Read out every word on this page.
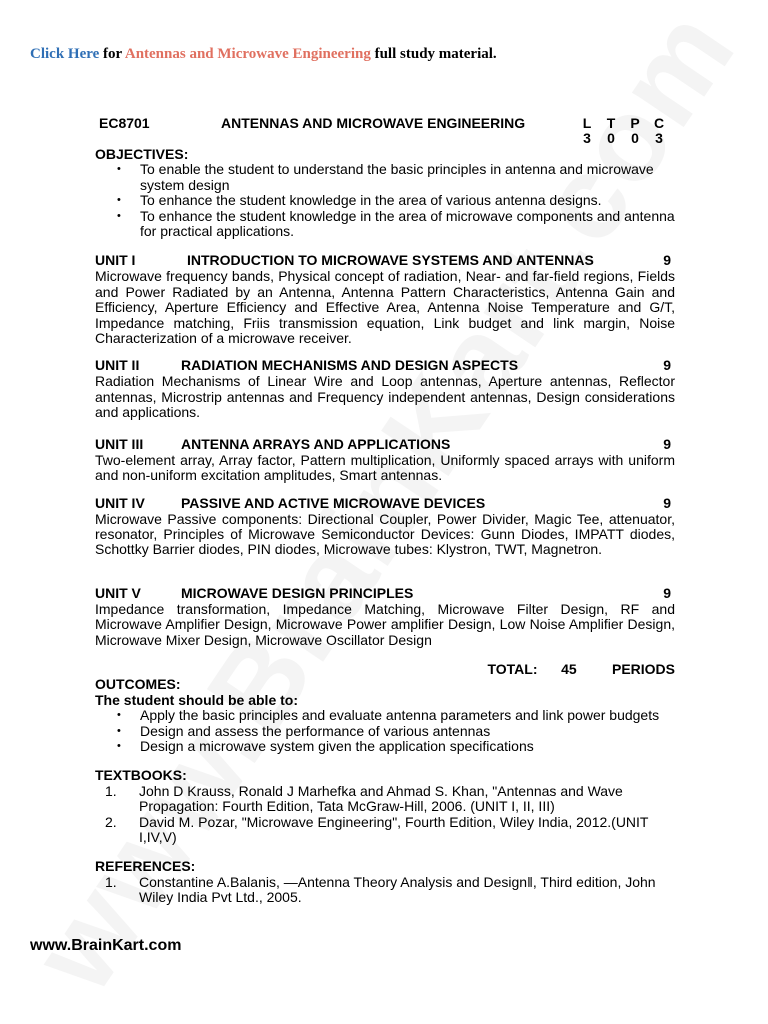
Click Here for Antennas and Microwave Engineering full study material.
EC8701	ANTENNAS AND MICROWAVE ENGINEERING	L	T	P	C
3	0	0	3
OBJECTIVES:
• To enable the student to understand the basic principles in antenna and microwave system design
• To enhance the student knowledge in the area of various antenna designs.
• To enhance the student knowledge in the area of microwave components and antenna for practical applications.
UNIT I	INTRODUCTION TO MICROWAVE SYSTEMS AND ANTENNAS	9
Microwave frequency bands, Physical concept of radiation, Near- and far-field regions, Fields and Power Radiated by an Antenna, Antenna Pattern Characteristics, Antenna Gain and Efficiency, Aperture Efficiency and Effective Area, Antenna Noise Temperature and G/T, Impedance matching, Friis transmission equation, Link budget and link margin, Noise Characterization of a microwave receiver.
UNIT II	RADIATION MECHANISMS AND DESIGN ASPECTS	9
Radiation Mechanisms of Linear Wire and Loop antennas, Aperture antennas, Reflector antennas, Microstrip antennas and Frequency independent antennas, Design considerations and applications.
UNIT III	ANTENNA ARRAYS AND APPLICATIONS	9
Two-element array, Array factor, Pattern multiplication, Uniformly spaced arrays with uniform and non-uniform excitation amplitudes, Smart antennas.
UNIT IV	PASSIVE AND ACTIVE MICROWAVE DEVICES	9
Microwave Passive components: Directional Coupler, Power Divider, Magic Tee, attenuator, resonator, Principles of Microwave Semiconductor Devices: Gunn Diodes, IMPATT diodes, Schottky Barrier diodes, PIN diodes, Microwave tubes: Klystron, TWT, Magnetron.
UNIT V	MICROWAVE DESIGN PRINCIPLES	9
Impedance transformation, Impedance Matching, Microwave Filter Design, RF and Microwave Amplifier Design, Microwave Power amplifier Design, Low Noise Amplifier Design, Microwave Mixer Design, Microwave Oscillator Design
TOTAL: 45	PERIODS
OUTCOMES:
The student should be able to:
• Apply the basic principles and evaluate antenna parameters and link power budgets
• Design and assess the performance of various antennas
• Design a microwave system given the application specifications
TEXTBOOKS:
1. John D Krauss, Ronald J Marhefka and Ahmad S. Khan, "Antennas and Wave Propagation: Fourth Edition, Tata McGraw-Hill, 2006. (UNIT I, II, III)
2. David M. Pozar, "Microwave Engineering", Fourth Edition, Wiley India, 2012.(UNIT I,IV,V)
REFERENCES:
1. Constantine A.Balanis, ―Antenna Theory Analysis and Design‖, Third edition, John Wiley India Pvt Ltd., 2005.
www.BrainKart.com
